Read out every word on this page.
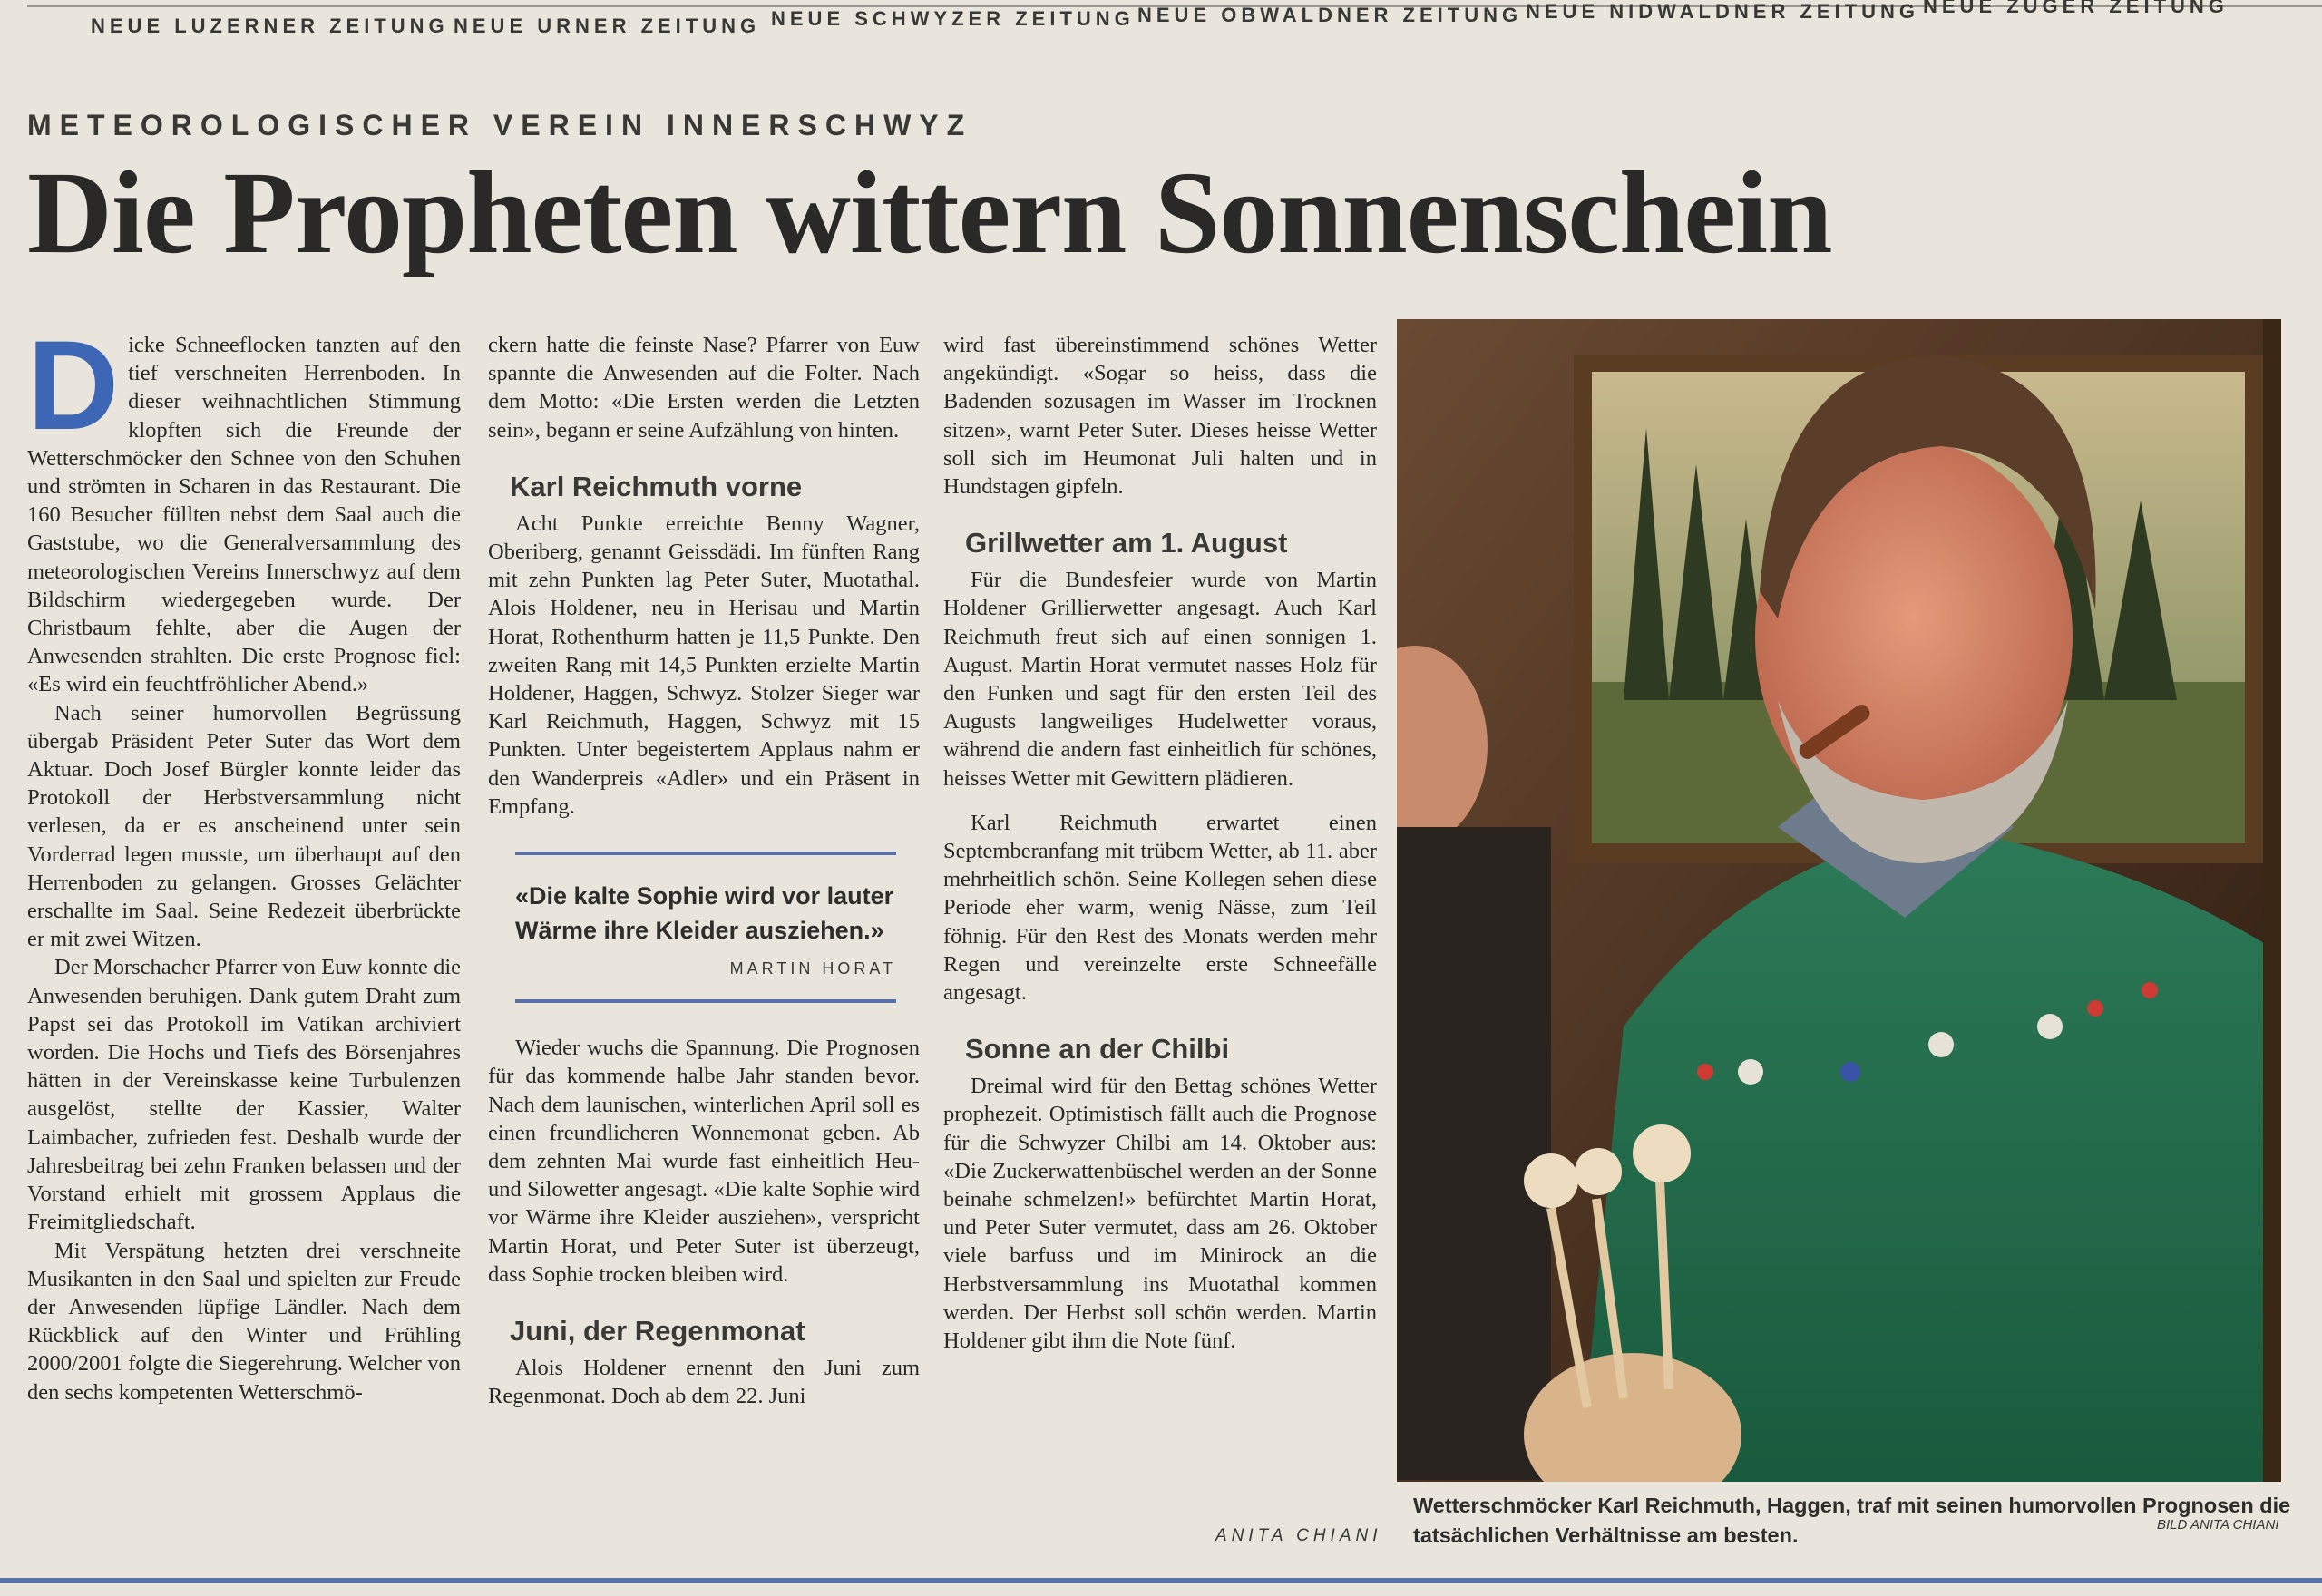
NEUE LUZERNER ZEITUNG NEUE URNER ZEITUNG NEUE SCHWYZER ZEITUNG NEUE OBWALDNER ZEITUNG NEUE NIDWALDNER ZEITUNG NEUE ZUGER ZEITUNG
METEOROLOGISCHER VEREIN INNERSCHWYZ
Die Propheten wittern Sonnenschein

Dicke Schneeflocken tanzten auf den tief verschneiten Herrenboden. In dieser weihnachtlichen Stimmung klopften sich die Freunde der Wetterschmöcker den Schnee von den Schuhen und strömten in Scharen in das Restaurant. Die 160 Besucher füllten nebst dem Saal auch die Gaststube, wo die Generalversammlung des meteorologischen Vereins Innerschwyz auf dem Bildschirm wiedergegeben wurde. Der Christbaum fehlte, aber die Augen der Anwesenden strahlten. Die erste Prognose fiel: «Es wird ein feuchtfröhlicher Abend.»

Nach seiner humorvollen Begrüssung übergab Präsident Peter Suter das Wort dem Aktuar. Doch Josef Bürgler konnte leider das Protokoll der Herbstversammlung nicht verlesen, da er es anscheinend unter sein Vorderrad legen musste, um überhaupt auf den Herrenboden zu gelangen. Grosses Gelächter erschallte im Saal. Seine Redezeit überbrückte er mit zwei Witzen.

Der Morschacher Pfarrer von Euw konnte die Anwesenden beruhigen. Dank gutem Draht zum Papst sei das Protokoll im Vatikan archiviert worden. Die Hochs und Tiefs des Börsenjahres hätten in der Vereinskasse keine Turbulenzen ausgelöst, stellte der Kassier, Walter Laimbacher, zufrieden fest. Deshalb wurde der Jahresbeitrag bei zehn Franken belassen und der Vorstand erhielt mit grossem Applaus die Freimitgliedschaft.

Mit Verspätung hetzten drei verschneite Musikanten in den Saal und spielten zur Freude der Anwesenden lüpfige Ländler. Nach dem Rückblick auf den Winter und Frühling 2000/2001 folgte die Siegerehrung. Welcher von den sechs kompetenten Wetterschmö-

ckern hatte die feinste Nase? Pfarrer von Euw spannte die Anwesenden auf die Folter. Nach dem Motto: «Die Ersten werden die Letzten sein», begann er seine Aufzählung von hinten.

Karl Reichmuth vorne

Acht Punkte erreichte Benny Wagner, Oberiberg, genannt Geissdädi. Im fünften Rang mit zehn Punkten lag Peter Suter, Muotathal. Alois Holdener, neu in Herisau und Martin Horat, Rothenthurm hatten je 11,5 Punkte. Den zweiten Rang mit 14,5 Punkten erzielte Martin Holdener, Haggen, Schwyz. Stolzer Sieger war Karl Reichmuth, Haggen, Schwyz mit 15 Punkten. Unter begeistertem Applaus nahm er den Wanderpreis «Adler» und ein Präsent in Empfang.

«Die kalte Sophie wird vor lauter Wärme ihre Kleider ausziehen.»
MARTIN HORAT

Wieder wuchs die Spannung. Die Prognosen für das kommende halbe Jahr standen bevor. Nach dem launischen, winterlichen April soll es einen freundlicheren Wonnemonat geben. Ab dem zehnten Mai wurde fast einheitlich Heu- und Silowetter angesagt. «Die kalte Sophie wird vor Wärme ihre Kleider ausziehen», verspricht Martin Horat, und Peter Suter ist überzeugt, dass Sophie trocken bleiben wird.

Juni, der Regenmonat

Alois Holdener ernennt den Juni zum Regenmonat. Doch ab dem 22. Juni

wird fast übereinstimmend schönes Wetter angekündigt. «Sogar so heiss, dass die Badenden sozusagen im Wasser im Trocknen sitzen», warnt Peter Suter. Dieses heisse Wetter soll sich im Heumonat Juli halten und in Hundstagen gipfeln.

Grillwetter am 1. August

Für die Bundesfeier wurde von Martin Holdener Grillierwetter angesagt. Auch Karl Reichmuth freut sich auf einen sonnigen 1. August. Martin Horat vermutet nasses Holz für den Funken und sagt für den ersten Teil des Augusts langweiliges Hudelwetter voraus, während die andern fast einheitlich für schönes, heisses Wetter mit Gewittern plädieren.

Karl Reichmuth erwartet einen Septemberanfang mit trübem Wetter, ab 11. aber mehrheitlich schön. Seine Kollegen sehen diese Periode eher warm, wenig Nässe, zum Teil föhnig. Für den Rest des Monats werden mehr Regen und vereinzelte erste Schneefälle angesagt.

Sonne an der Chilbi

Dreimal wird für den Bettag schönes Wetter prophezeit. Optimistisch fällt auch die Prognose für die Schwyzer Chilbi am 14. Oktober aus: «Die Zuckerwattenbüschel werden an der Sonne beinahe schmelzen!» befürchtet Martin Horat, und Peter Suter vermutet, dass am 26. Oktober viele barfuss und im Minirock an die Herbstversammlung ins Muotathal kommen werden. Der Herbst soll schön werden. Martin Holdener gibt ihm die Note fünf.

ANITA CHIANI
Wetterschmöcker Karl Reichmuth, Haggen, traf mit seinen humorvollen Prognosen die tatsächlichen Verhältnisse am besten.	BILD ANITA CHIANI
